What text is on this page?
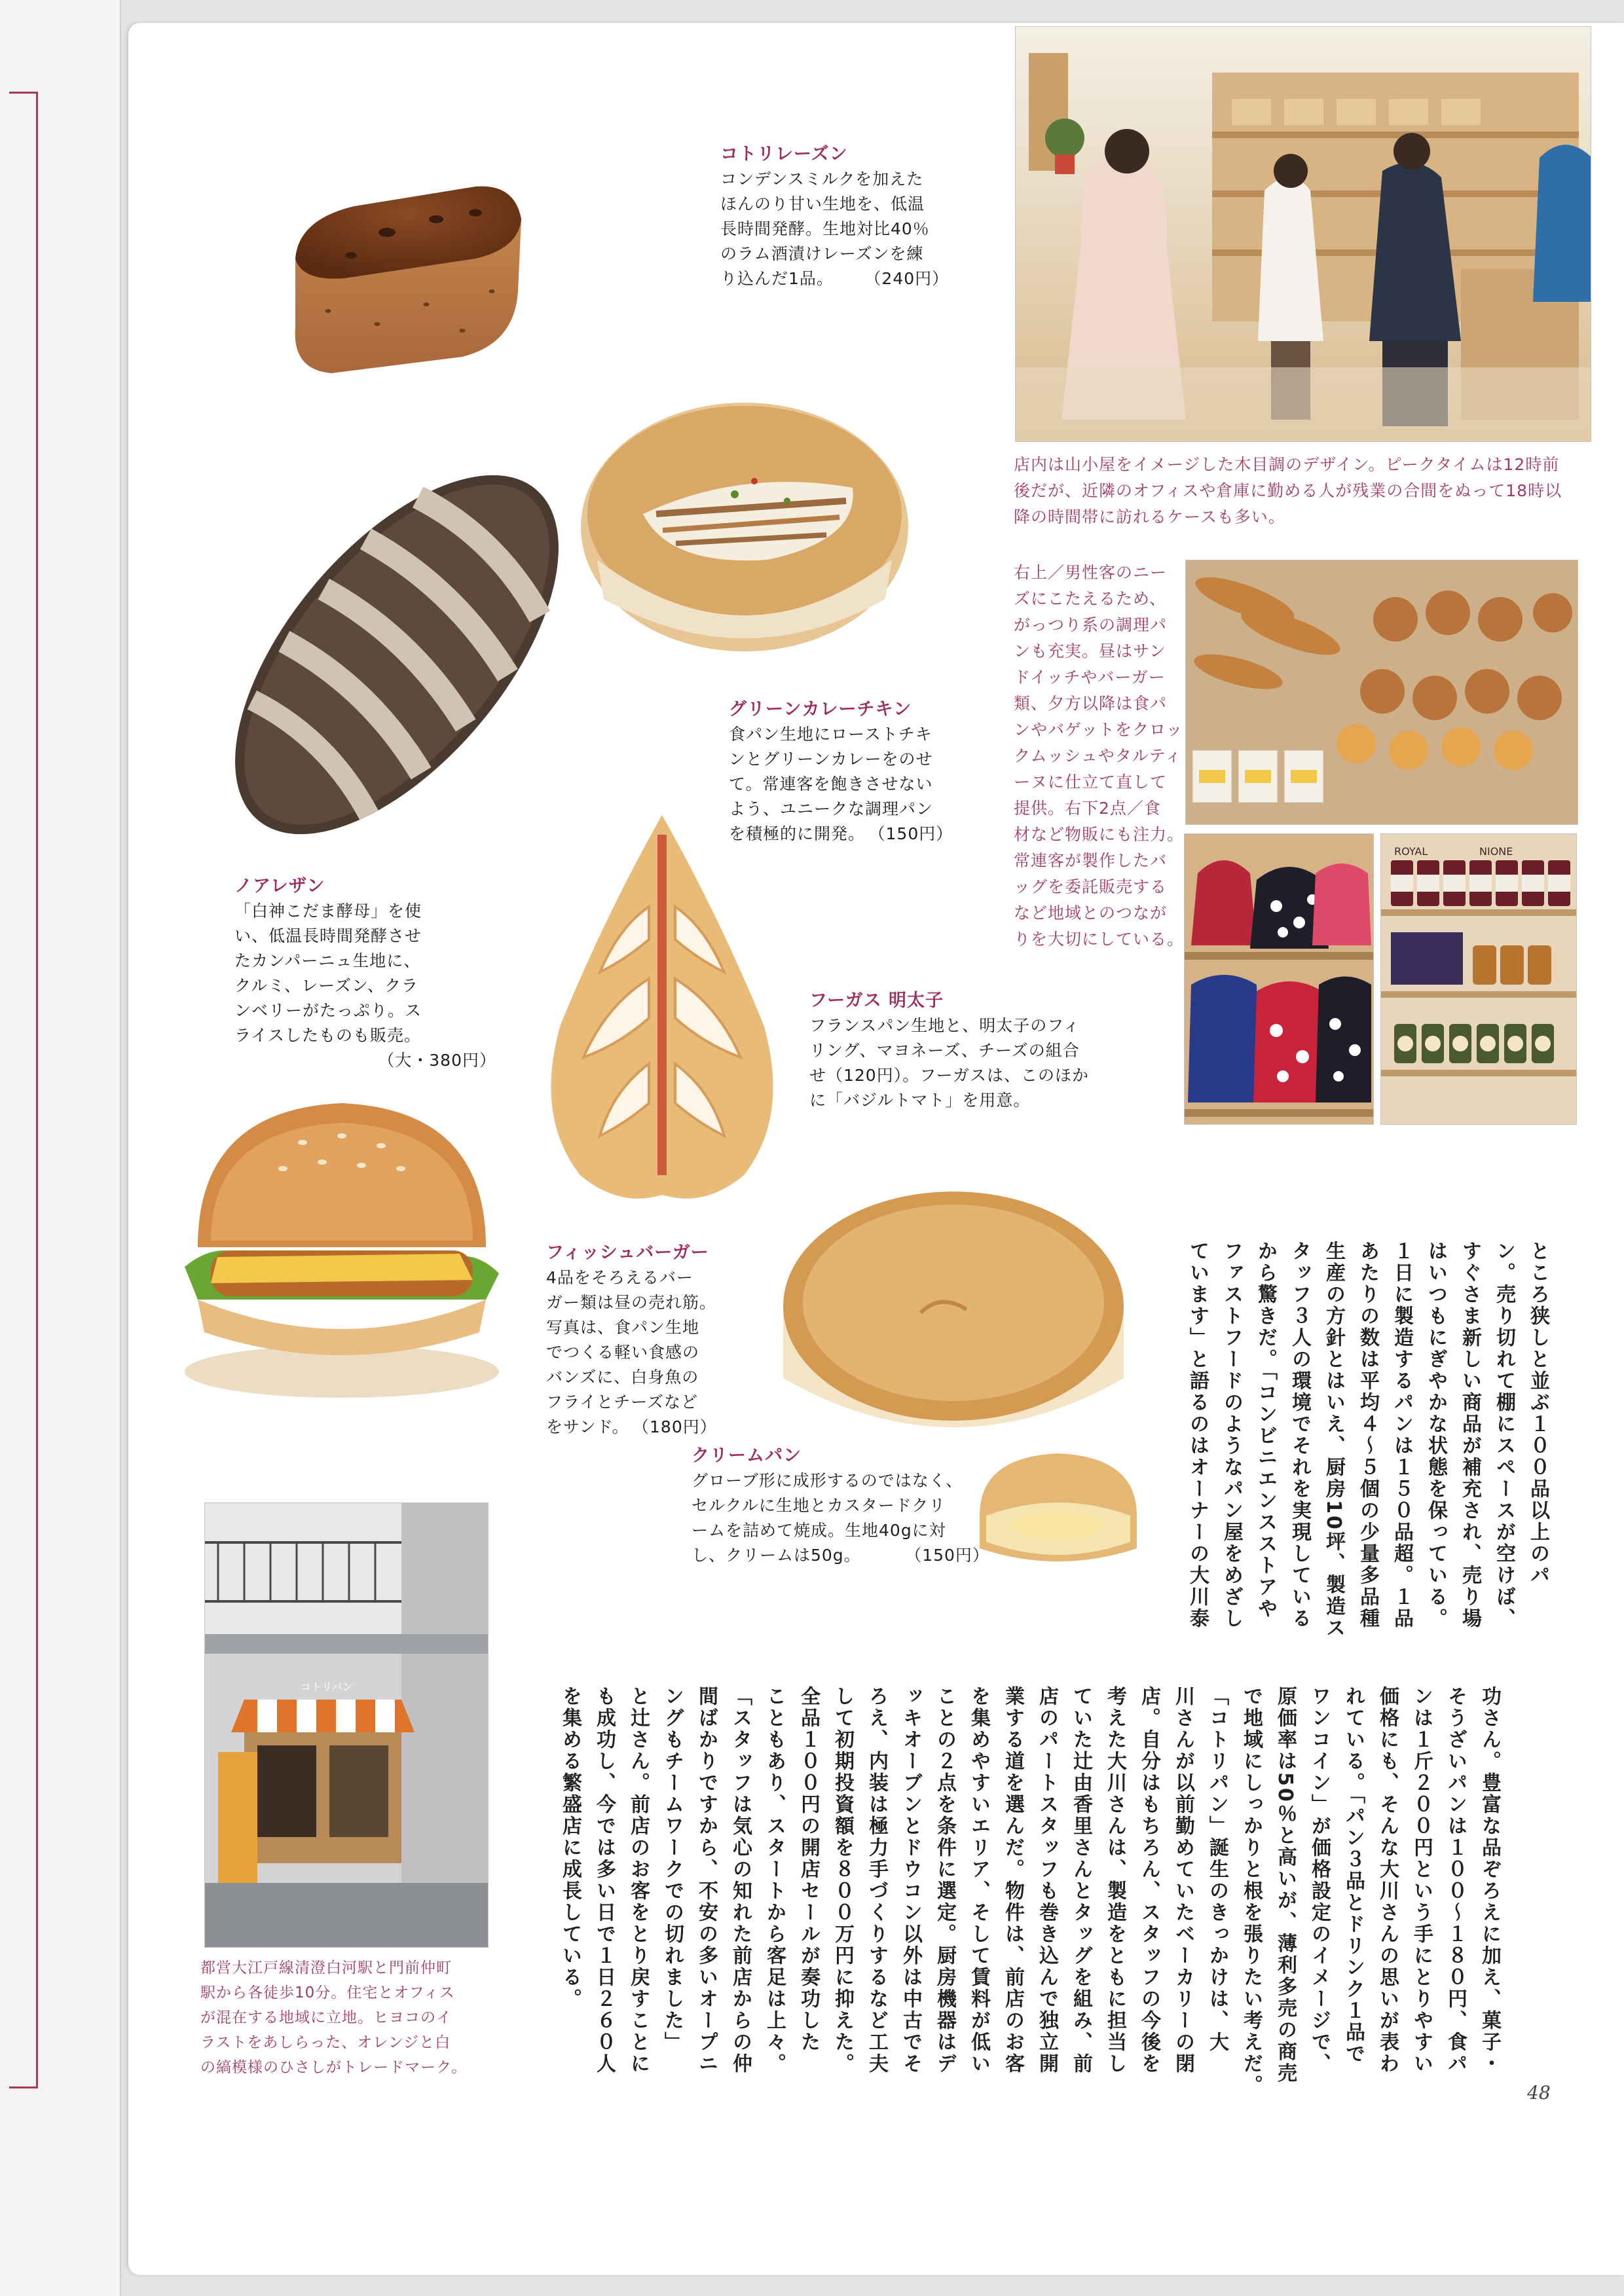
コトリレーズン
コンデンスミルクを加えた
ほんのり甘い生地を、低温
長時間発酵。生地対比40％
のラム酒漬けレーズンを練
り込んだ1品。 （240円）
グリーンカレーチキン
食パン生地にローストチキ
ンとグリーンカレーをのせ
て。常連客を飽きさせない
よう、ユニークな調理パン
を積極的に開発。 （150円）
ノアレザン
「白神こだま酵母」を使
い、低温長時間発酵させ
たカンパーニュ生地に、
クルミ、レーズン、クラ
ンベリーがたっぷり。ス
ライスしたものも販売。
（大・380円）
フーガス 明太子
フランスパン生地と、明太子のフィ
リング、マヨネーズ、チーズの組合
せ（120円）。フーガスは、このほか
に「バジルトマト」を用意。
フィッシュバーガー
4品をそろえるバー
ガー類は昼の売れ筋。
写真は、食パン生地
でつくる軽い食感の
バンズに、白身魚の
フライとチーズなど
をサンド。 （180円）
クリームパン
グローブ形に成形するのではなく、
セルクルに生地とカスタードクリ
ームを詰めて焼成。生地40gに対
し、クリームは50g。	（150円）
店内は山小屋をイメージした木目調のデザイン。ピークタイムは12時前
後だが、近隣のオフィスや倉庫に勤める人が残業の合間をぬって18時以
降の時間帯に訪れるケースも多い。
右上／男性客のニー
ズにこたえるため、
がっつり系の調理パ
ンも充実。昼はサン
ドイッチやバーガー
類、夕方以降は食パ
ンやバゲットをクロッ
クムッシュやタルティ
ーヌに仕立て直して
提供。右下2点／食
材など物販にも注力。
常連客が製作したバ
ッグを委託販売する
など地域とのつなが
りを大切にしている。
ROYAL	NIONE
コトリパン
都営大江戸線清澄白河駅と門前仲町
駅から各徒歩10分。住宅とオフィス
が混在する地域に立地。ヒヨコのイ
ラストをあしらった、オレンジと白
の縞模様のひさしがトレードマーク。
ところ狭しと並ぶ１００品以上のパ
ン。売り切れて棚にスペースが空けば、
すぐさま新しい商品が補充され、売り場
はいつもにぎやかな状態を保っている。
１日に製造するパンは１５０品超。１品
あたりの数は平均４～５個の少量多品種
生産の方針とはいえ、厨房10坪、製造ス
タッフ３人の環境でそれを実現している
から驚きだ。「コンビニエンスストアや
ファストフードのようなパン屋をめざし
ています」と語るのはオーナーの大川泰
功さん。豊富な品ぞろえに加え、菓子・
そうざいパンは１００～１８０円、食パ
ンは１斤２００円という手にとりやすい
価格にも、そんな大川さんの思いが表わ
れている。「パン３品とドリンク１品で
ワンコイン」が価格設定のイメージで、
原価率は50％と高いが、薄利多売の商売
で地域にしっかりと根を張りたい考えだ。
「コトリパン」誕生のきっかけは、大
川さんが以前勤めていたベーカリーの閉
店。自分はもちろん、スタッフの今後を
考えた大川さんは、製造をともに担当し
ていた辻由香里さんとタッグを組み、前
店のパートスタッフも巻き込んで独立開
業する道を選んだ。物件は、前店のお客
を集めやすいエリア、そして賃料が低い
ことの２点を条件に選定。厨房機器はデ
ッキオーブンとドウコン以外は中古でそ
ろえ、内装は極力手づくりするなど工夫
して初期投資額を８００万円に抑えた。
全品１００円の開店セールが奏功した
こともあり、スタートから客足は上々。
「スタッフは気心の知れた前店からの仲
間ばかりですから、不安の多いオープニ
ングもチームワークでの切れました」
と辻さん。前店のお客をとり戻すことに
も成功し、今では多い日で１日２６０人
を集める繁盛店に成長している。
48
